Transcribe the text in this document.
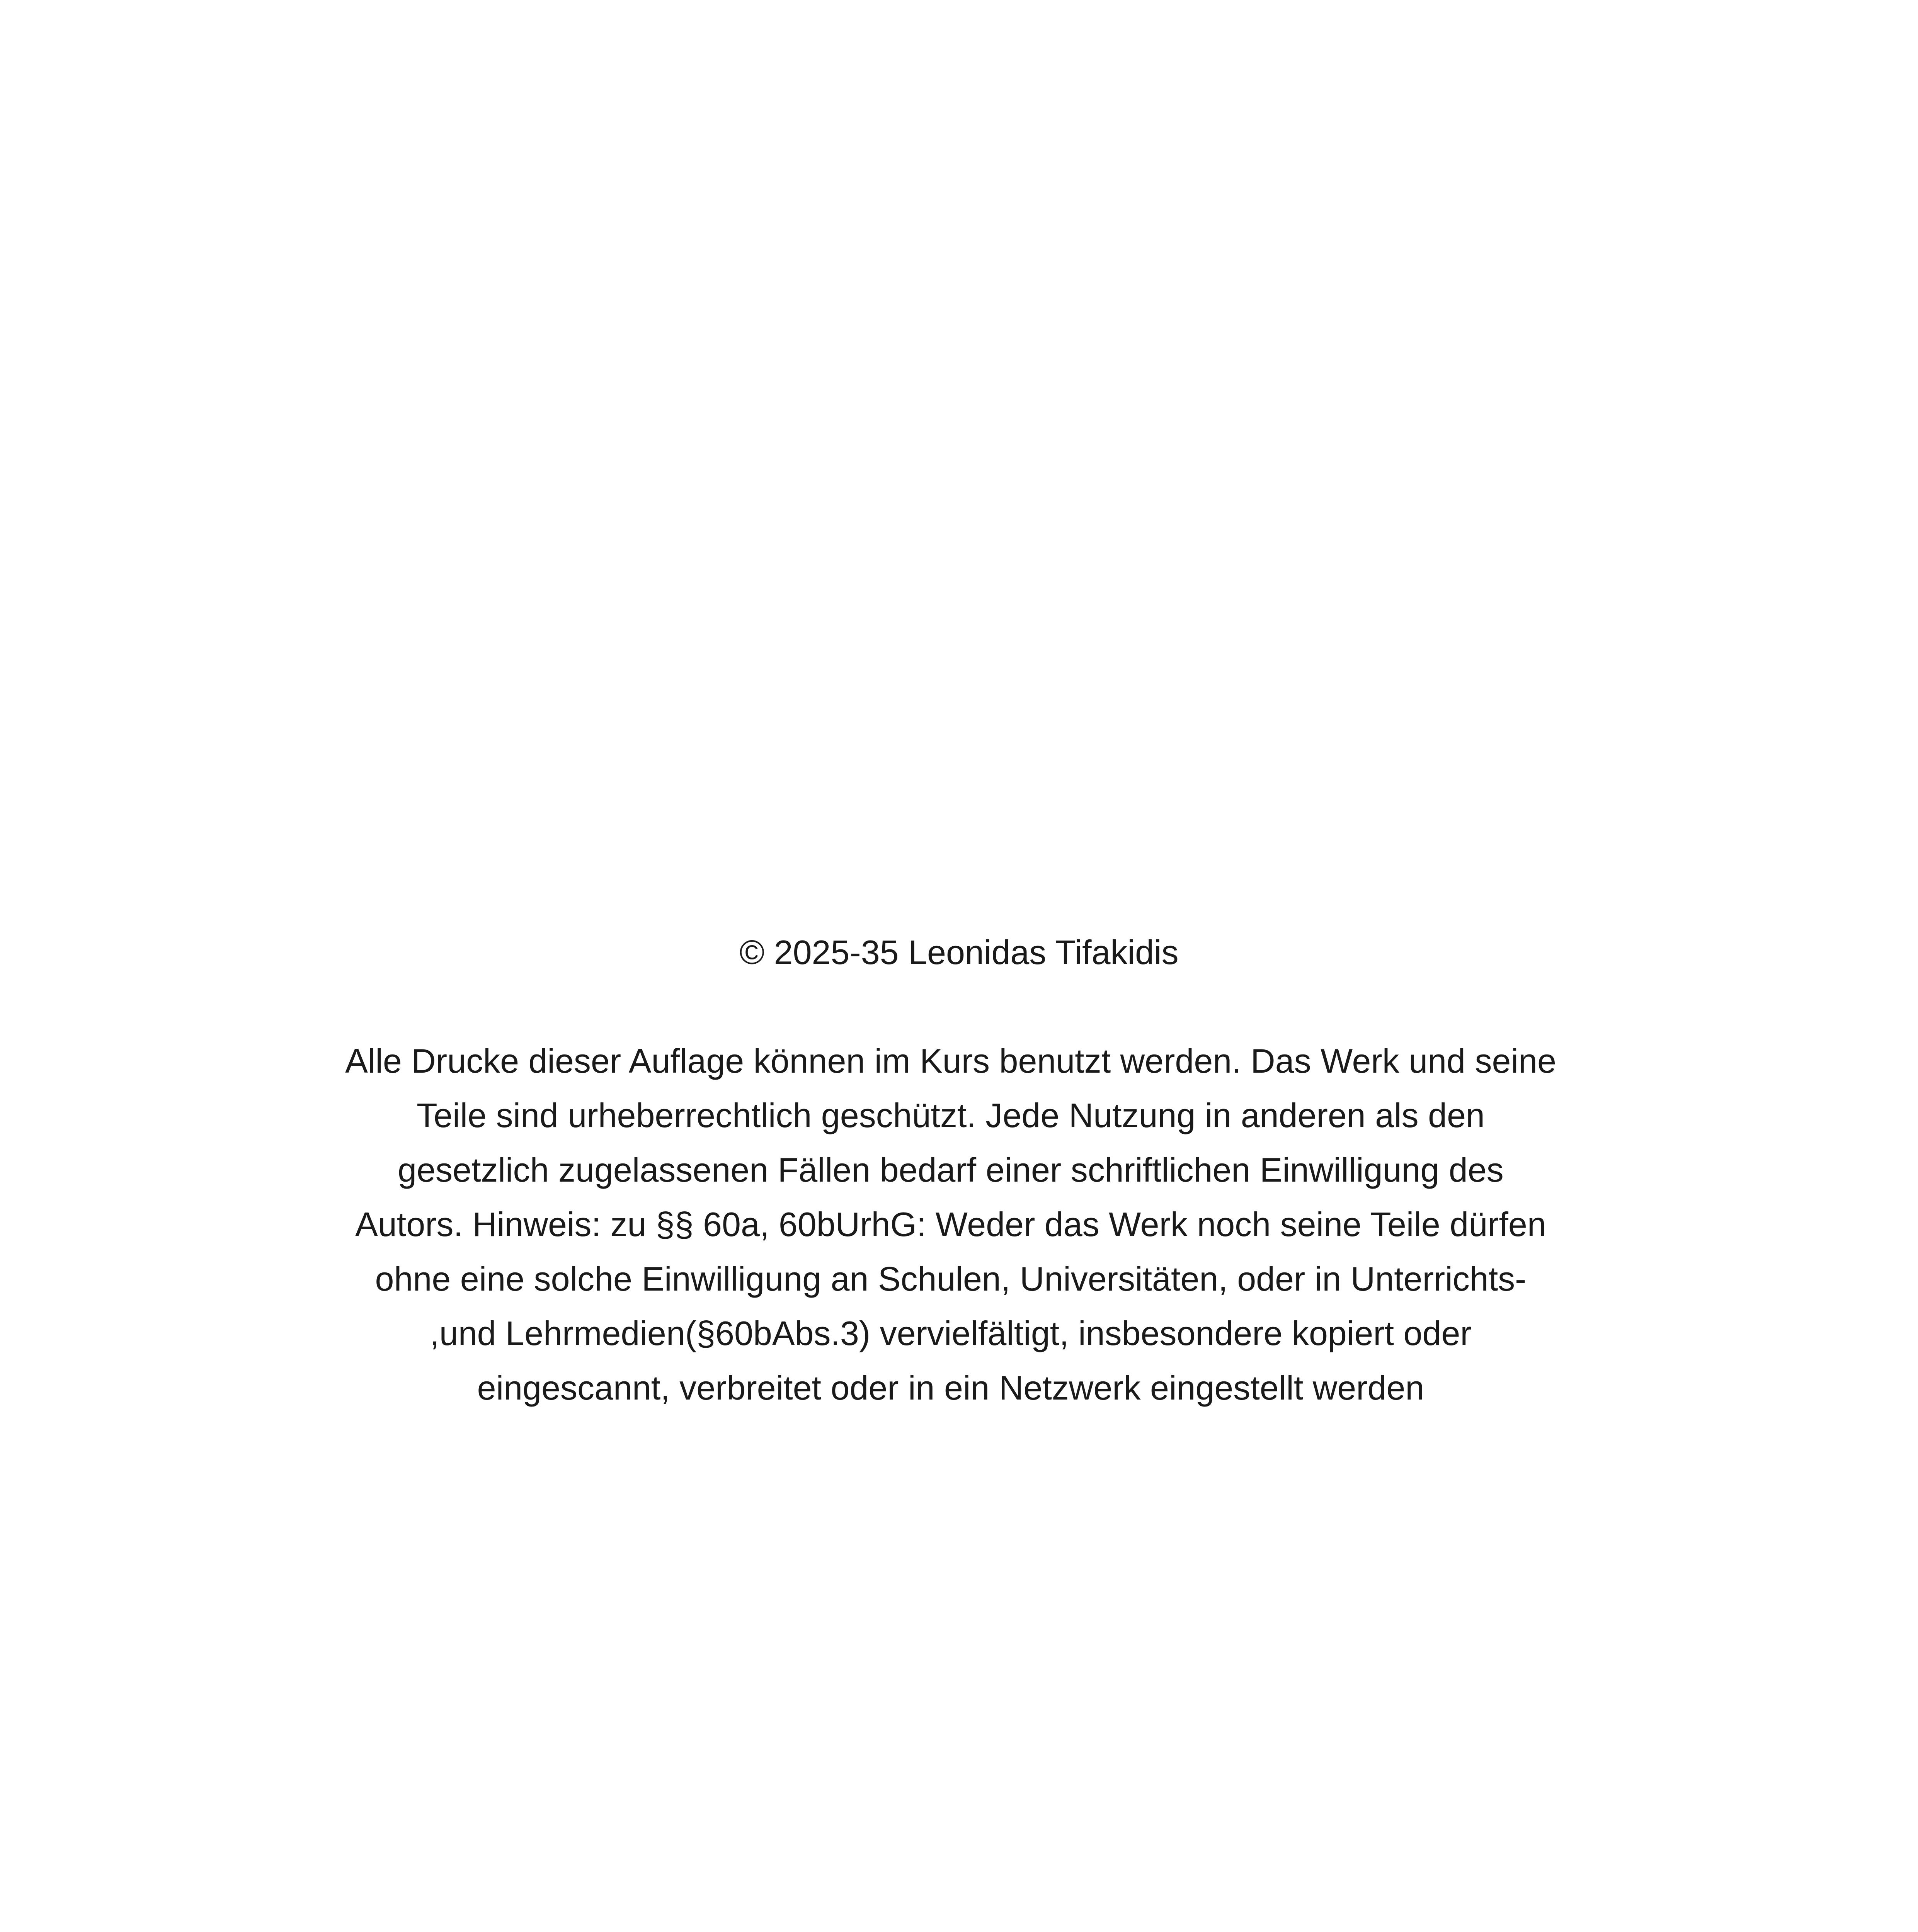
© 2025-35 Leonidas Tifakidis

Alle Drucke dieser Auflage können im Kurs benutzt werden. Das Werk und seine
Teile sind urheberrechtlich geschützt. Jede Nutzung in anderen als den
gesetzlich zugelassenen Fällen bedarf einer schriftlichen Einwilligung des
Autors. Hinweis: zu §§ 60a, 60bUrhG: Weder das Werk noch seine Teile dürfen
ohne eine solche Einwilligung an Schulen, Universitäten, oder in Unterrichts-
,und Lehrmedien(§60bAbs.3) vervielfältigt, insbesondere kopiert oder
eingescannt, verbreitet oder in ein Netzwerk eingestellt werden
